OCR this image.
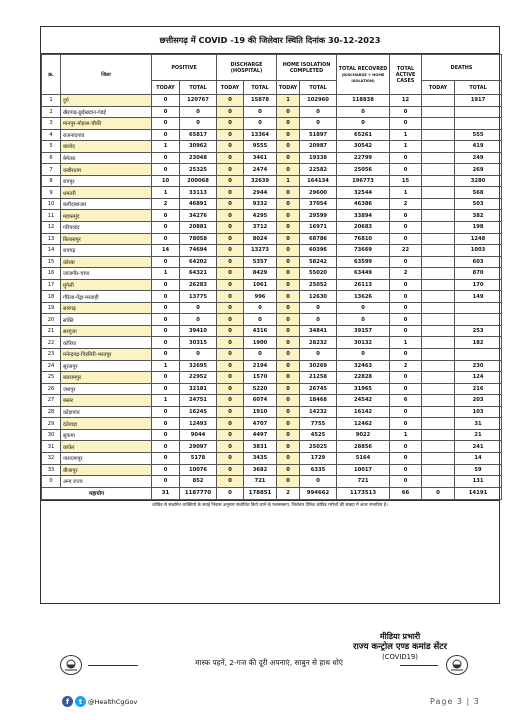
छत्तीसगढ़ में COVID -19 की जिलेवार स्थिति दिनांक 30-12-2023
क्र.	जिला	POSITIVE		DISCHARGE (HOSPITAL)		HOME ISOLATION COMPLETED		TOTAL RECOVRED
(DISCHARGE + HOME ISOLATION)	TOTAL ACTIVE CASES	DEATHS	
		TODAY	TOTAL	TODAY	TOTAL	TODAY	TOTAL			TODAY	TOTAL
1	दुर्ग	0	120767	0	15878	1	102960	118838	12		1917
2	खैरागढ़-छुईखदान-गंडई	0	0	0	0	0	0	0	0		
3	मानपुर-मोहला-चौकी	0	0	0	0	0	0	0	0		
4	राजनांदगांव	0	65817	0	13364	0	51897	65261	1		555
5	बालोद	1	30962	0	9555	0	20987	30542	1		419
6	बेमेतरा	0	23048	0	3461	0	19338	22799	0		249
7	कबीरधाम	0	25325	0	2474	0	22582	25056	0		269
8	रायपुर	10	200068	0	32639	1	164134	196773	15		3280
9	धमतरी	1	33113	0	2944	0	29600	32544	1		568
10	बलौदाबाजार	2	46891	0	9332	0	37054	46386	2		503
11	महासमुंद	0	34276	0	4295	0	29599	33894	0		382
12	गरियाबंद	0	20881	0	3712	0	16971	20683	0		198
13	बिलासपुर	0	78058	0	8024	0	68786	76810	0		1248
14	रायगढ़	14	74694	0	13273	0	60396	73669	22		1003
15	कोरबा	0	64202	0	5357	0	58242	63599	0		603
16	जांजगीर-चांपा	1	64321	0	8429	0	55020	63449	2		870
17	मुंगेली	0	26283	0	1061	0	25052	26113	0		170
18	गौरेला-पेंड्रा-मरवाही	0	13775	0	996	0	12630	13626	0		149
19	सारंगढ़	0	0	0	0	0	0	0	0		
20	सक्ति	0	0	0	0	0	0	0	0		
21	सरगुजा	0	39410	0	4316	0	34841	39157	0		253
22	कोरिया	0	30315	0	1900	0	28232	30132	1		182
23	मनेन्द्रगढ़-चिरमिरी-भरतपुर	0	0	0	0	0	0	0	0		
24	सूरजपुर	1	32695	0	2194	0	30269	32463	2		230
25	बलरामपुर	0	22952	0	1570	0	21258	22828	0		124
26	जशपुर	0	32181	0	5220	0	26745	31965	0		216
27	बस्तर	1	24751	0	6074	0	18468	24542	6		203
28	कोंडागांव	0	16245	0	1910	0	14232	16142	0		103
29	दंतेवाड़ा	0	12493	0	4707	0	7755	12462	0		31
30	सुकमा	0	9044	0	4497	0	4525	9022	1		21
31	कांकेर	0	29097	0	3831	0	25025	28856	0		241
32	नारायणपुर	0	5178	0	3435	0	1729	5164	0		14
33	बीजापुर	0	10076	0	3682	0	6335	10017	0		59
0	अन्य राज्य	0	852	0	721	0	0	721	0		131
महायोग		31	1187770	0	178851	2	994662	1173513	66	0	14191
कोविड से संक्रमित व्यक्तियों के स्थाई निवास अनुसार संशोधित किये जाने के फलस्वरूप, जिलेवार दैनिक कोविड मरीजों की संख्या में अंतर संभावित है।
मीडिया प्रभारी
राज्य कन्ट्रोल एण्ड कमांड सेंटर
(COVID19)
मास्क पहनें, 2-गज की दूरी अपनाएं, साबुन से हाथ धोएं
f	t @HealthCgGov	Page 3 | 3
